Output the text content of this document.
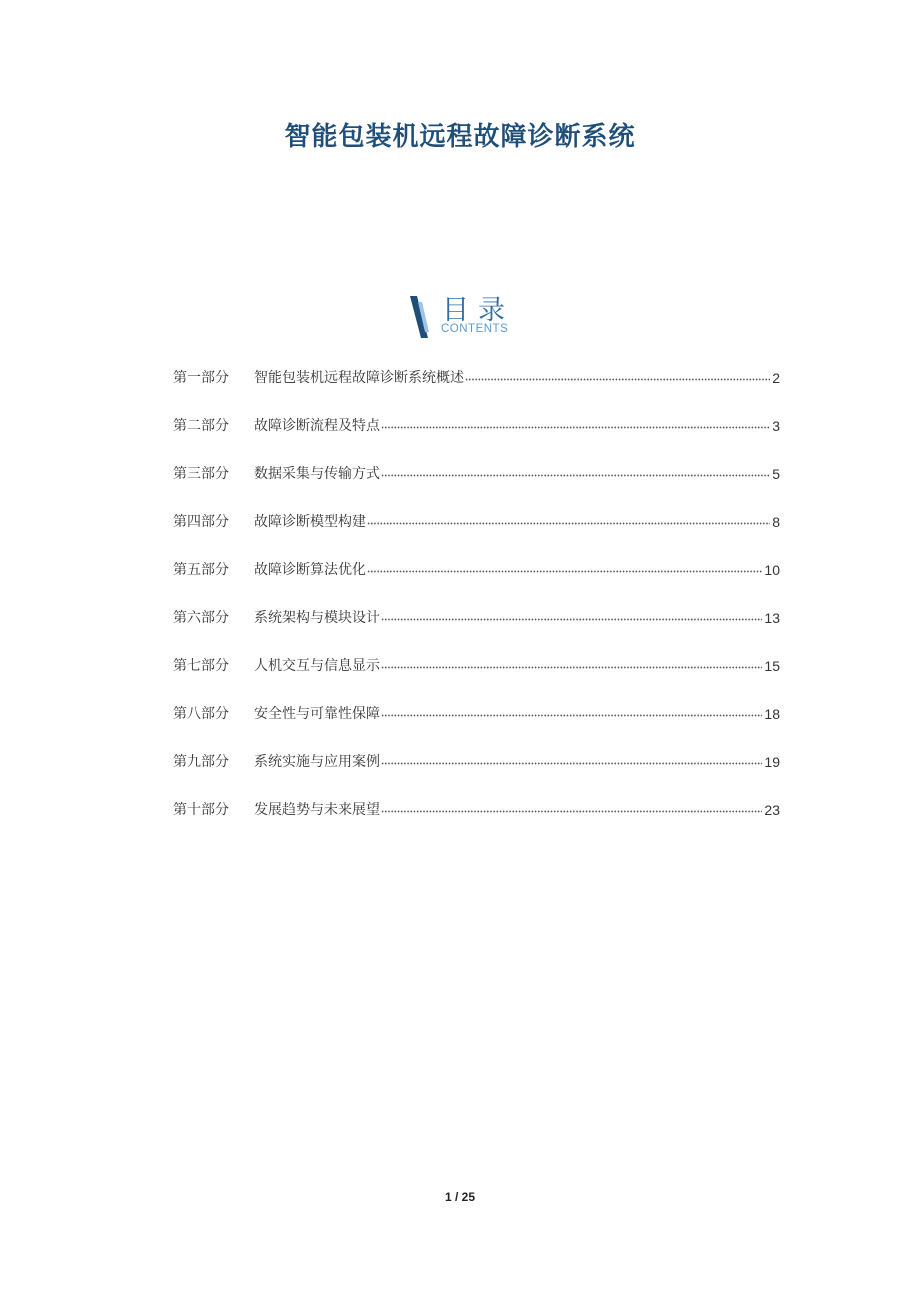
智能包装机远程故障诊断系统
目录
CONTENTS
第一部分	智能包装机远程故障诊断系统概述	2
第二部分	故障诊断流程及特点	3
第三部分	数据采集与传输方式	5
第四部分	故障诊断模型构建	8
第五部分	故障诊断算法优化	10
第六部分	系统架构与模块设计	13
第七部分	人机交互与信息显示	15
第八部分	安全性与可靠性保障	18
第九部分	系统实施与应用案例	19
第十部分	发展趋势与未来展望	23
1 / 25
